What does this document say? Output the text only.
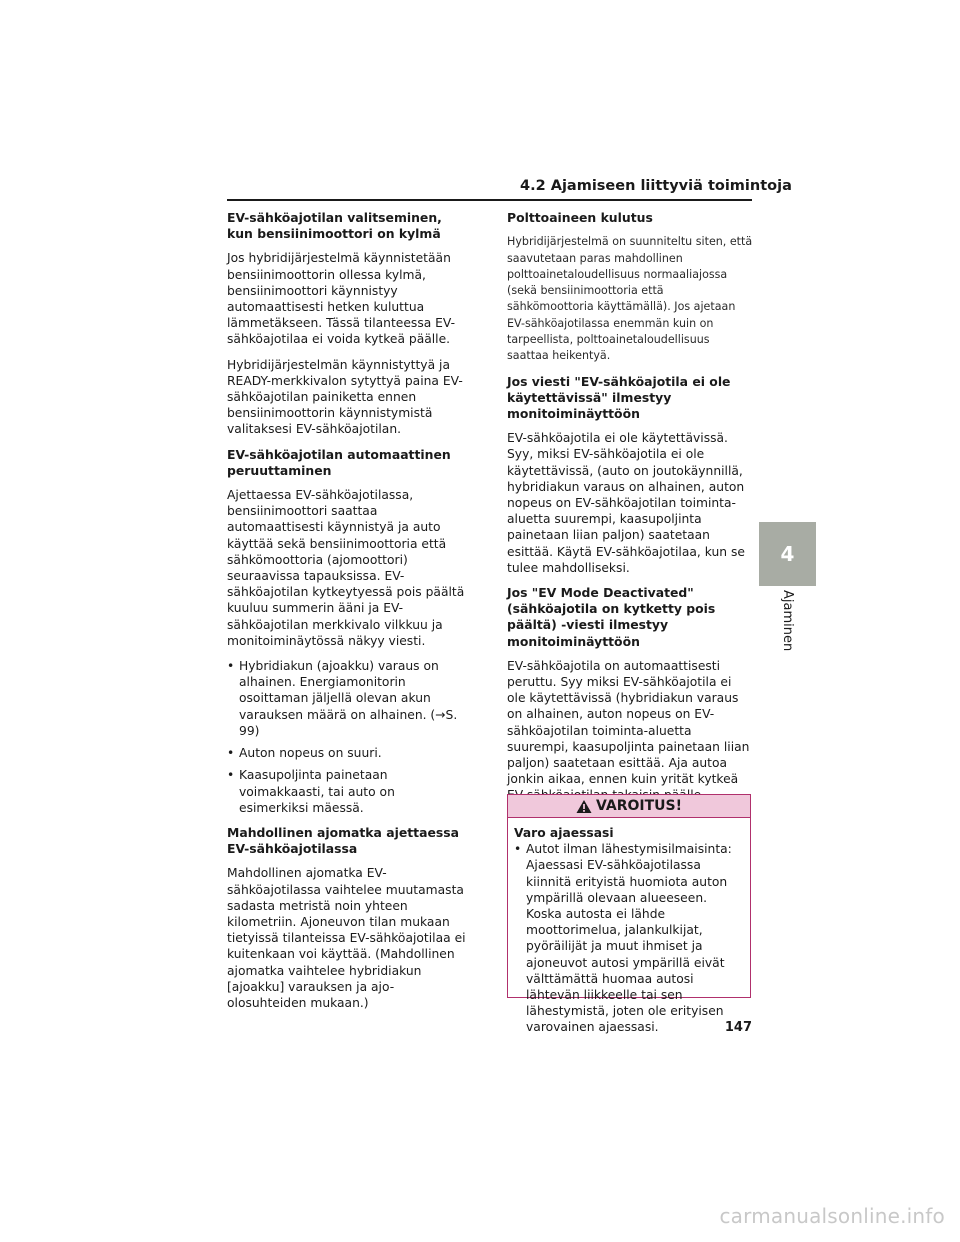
4.2 Ajamiseen liittyviä toimintoja
EV-sähköajotilan valitseminen, kun bensiinimoottori on kylmä

Jos hybridijärjestelmä käynnistetään bensiinimoottorin ollessa kylmä, bensiinimoottori käynnistyy automaattisesti hetken kuluttua lämmetäkseen. Tässä tilanteessa EV-sähköajotilaa ei voida kytkeä päälle.

Hybridijärjestelmän käynnistyttyä ja READY-merkkivalon sytyttyä paina EV-sähköajotilan painiketta ennen bensiinimoottorin käynnistymistä valitaksesi EV-sähköajotilan.

EV-sähköajotilan automaattinen peruuttaminen

Ajettaessa EV-sähköajotilassa, bensiinimoottori saattaa automaattisesti käynnistyä ja auto käyttää sekä bensiinimoottoria että sähkömoottoria (ajomoottori) seuraavissa tapauksissa. EV-sähköajotilan kytkeytyessä pois päältä kuuluu summerin ääni ja EV-sähköajotilan merkkivalo vilkkuu ja monitoiminäytössä näkyy viesti.

• Hybridiakun (ajoakku) varaus on alhainen. Energiamonitorin osoittaman jäljellä olevan akun varauksen määrä on alhainen. (→S. 99)
• Auton nopeus on suuri.
• Kaasupoljinta painetaan voimakkaasti, tai auto on esimerkiksi mäessä.
Mahdollinen ajomatka ajettaessa EV-sähköajotilassa

Mahdollinen ajomatka EV-sähköajotilassa vaihtelee muutamasta sadasta metristä noin yhteen kilometriin. Ajoneuvon tilan mukaan tietyissä tilanteissa EV-sähköajotilaa ei kuitenkaan voi käyttää. (Mahdollinen ajomatka vaihtelee hybridiakun [ajoakku] varauksen ja ajo-olosuhteiden mukaan.)

Polttoaineen kulutus

Hybridijärjestelmä on suunniteltu siten, että saavutetaan paras mahdollinen polttoainetaloudellisuus normaaliajossa (sekä bensiinimoottoria että sähkömoottoria käyttämällä). Jos ajetaan EV-sähköajotilassa enemmän kuin on tarpeellista, polttoainetaloudellisuus saattaa heikentyä.

Jos viesti "EV-sähköajotila ei ole käytettävissä" ilmestyy monitoiminäyttöön

EV-sähköajotila ei ole käytettävissä. Syy, miksi EV-sähköajotila ei ole käytettävissä, (auto on joutokäynnillä, hybridiakun varaus on alhainen, auton nopeus on EV-sähköajotilan toiminta-aluetta suurempi, kaasupoljinta painetaan liian paljon) saatetaan esittää. Käytä EV-sähköajotilaa, kun se tulee mahdolliseksi.

Jos "EV Mode Deactivated" (sähköajotila on kytketty pois päältä) -viesti ilmestyy monitoiminäyttöön

EV-sähköajotila on automaattisesti peruttu. Syy miksi EV-sähköajotila ei ole käytettävissä (hybridiakun varaus on alhainen, auton nopeus on EV-sähköajotilan toiminta-aluetta suurempi, kaasupoljinta painetaan liian paljon) saatetaan esittää. Aja autoa jonkin aikaa, ennen kuin yrität kytkeä

VAROITUS!
Varo ajaessasi
• Autot ilman lähestymisilmaisinta: Ajaessasi EV-sähköajotilassa kiinnitä erityistä huomiota auton ympärillä olevaan alueeseen. Koska autosta ei lähde moottorimelua, jalankulkijat, pyöräilijät ja muut ihmiset ja ajoneuvot autosi ympärillä eivät välttämättä huomaa autosi lähtevän liikkeelle tai sen lähestymistä, joten ole erityisen varovainen ajaessasi.
4
Ajaminen
147
carmanualsonline.info
